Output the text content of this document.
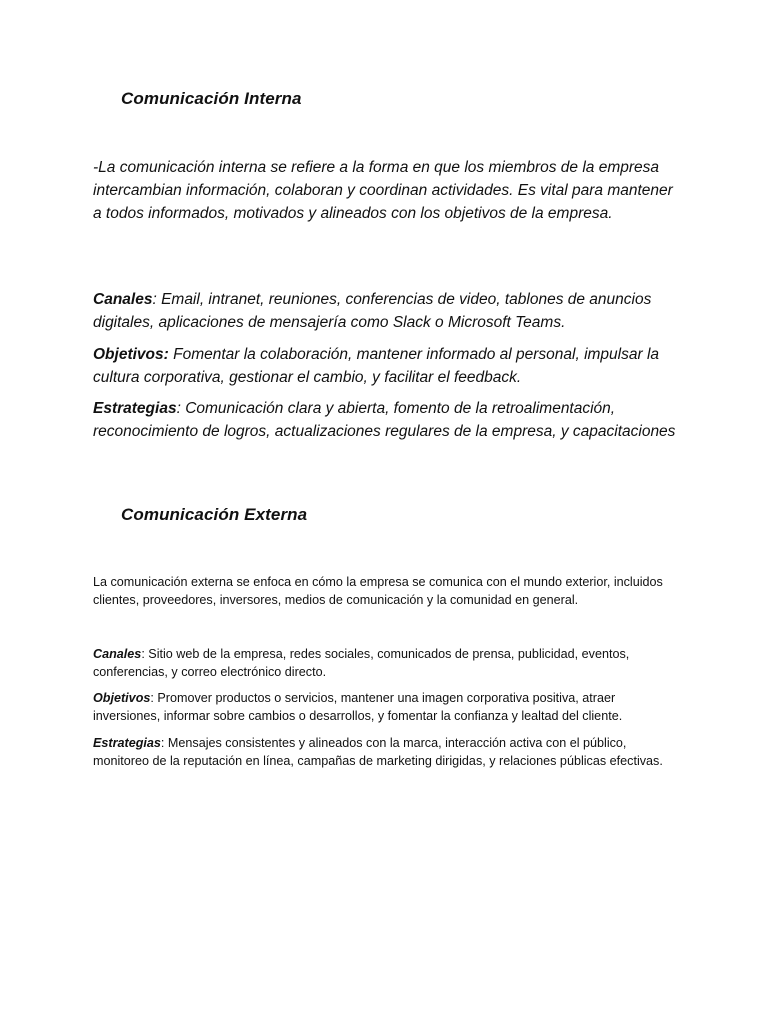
Comunicación Interna

-La comunicación interna se refiere a la forma en que los miembros de la empresa intercambian información, colaboran y coordinan actividades. Es vital para mantener a todos informados, motivados y alineados con los objetivos de la empresa.

Canales: Email, intranet, reuniones, conferencias de video, tablones de anuncios digitales, aplicaciones de mensajería como Slack o Microsoft Teams.

Objetivos: Fomentar la colaboración, mantener informado al personal, impulsar la cultura corporativa, gestionar el cambio, y facilitar el feedback.

Estrategias: Comunicación clara y abierta, fomento de la retroalimentación, reconocimiento de logros, actualizaciones regulares de la empresa, y capacitaciones

Comunicación Externa

La comunicación externa se enfoca en cómo la empresa se comunica con el mundo exterior, incluidos clientes, proveedores, inversores, medios de comunicación y la comunidad en general.

Canales: Sitio web de la empresa, redes sociales, comunicados de prensa, publicidad, eventos, conferencias, y correo electrónico directo.

Objetivos: Promover productos o servicios, mantener una imagen corporativa positiva, atraer inversiones, informar sobre cambios o desarrollos, y fomentar la confianza y lealtad del cliente.

Estrategias: Mensajes consistentes y alineados con la marca, interacción activa con el público, monitoreo de la reputación en línea, campañas de marketing dirigidas, y relaciones públicas efectivas.
